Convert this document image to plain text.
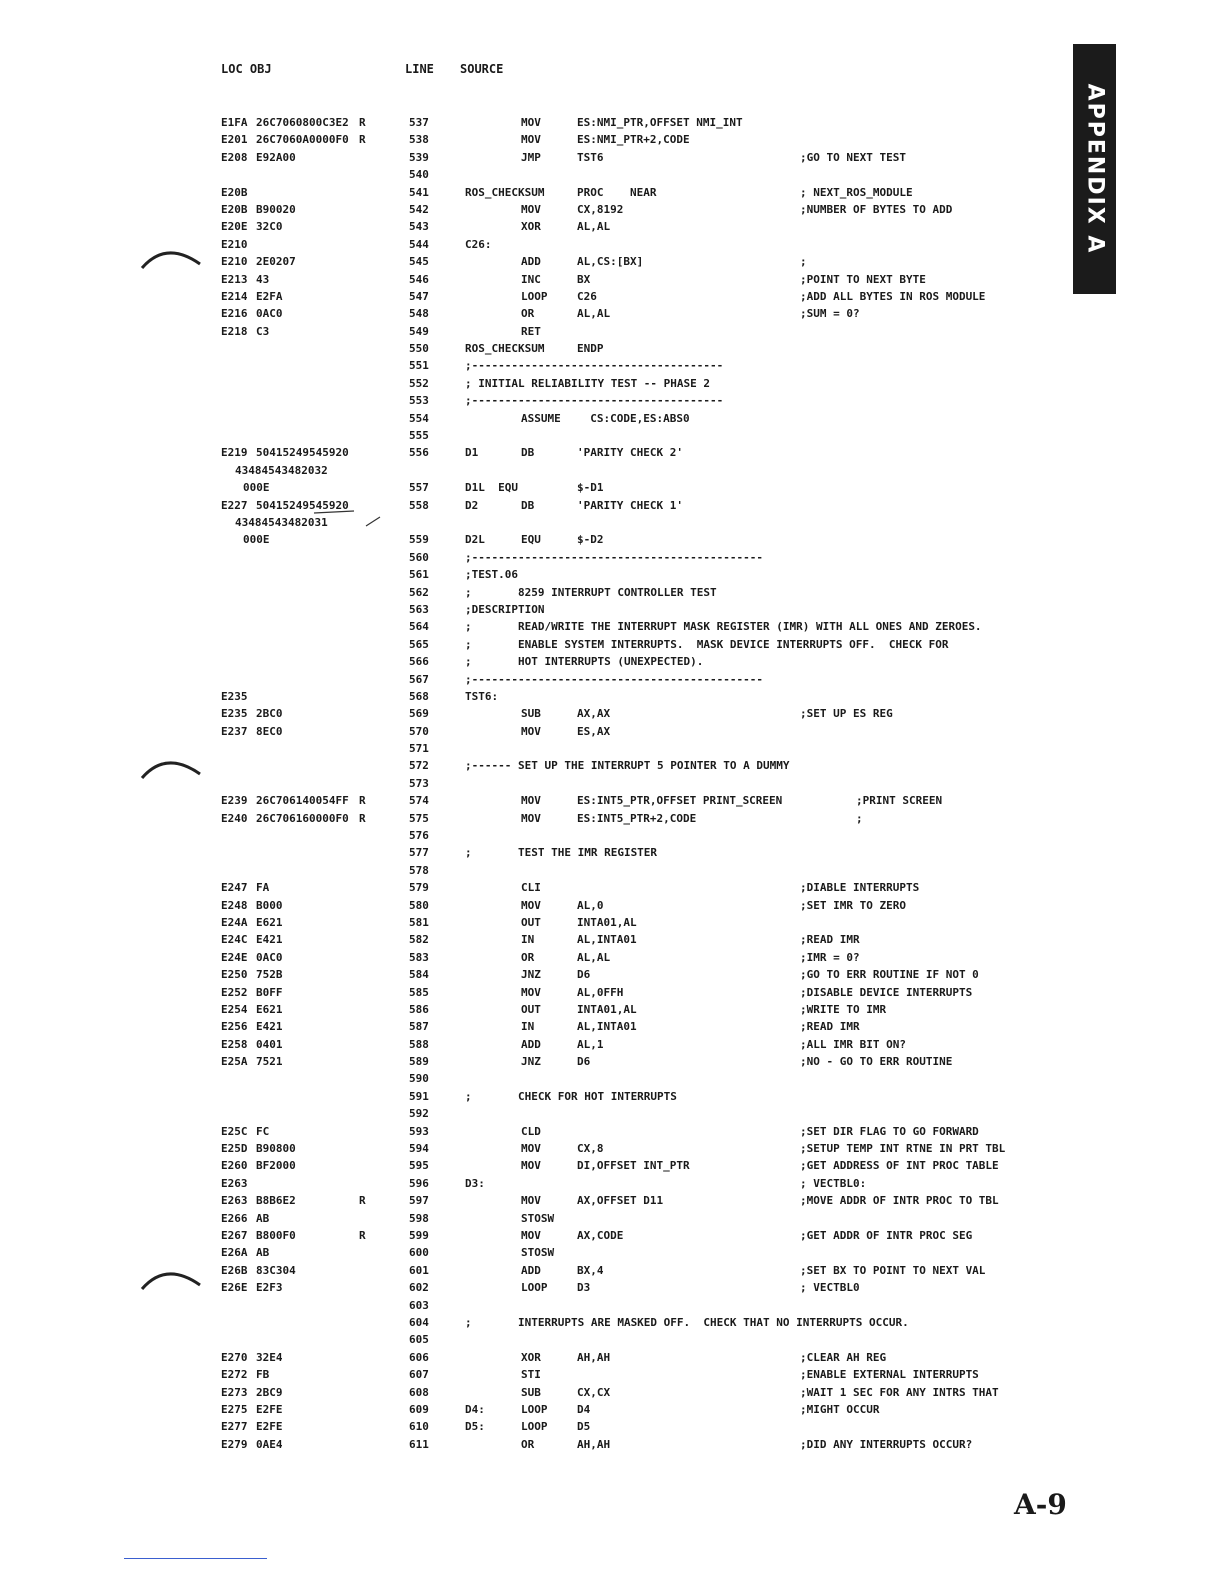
LOC OBJ	LINE SOURCE
APPENDIX A
E1FA 26C7060800C3E2 R	537	MOV	ES:NMI_PTR,OFFSET NMI_INT
E201 26C7060A0000F0 R	538	MOV	ES:NMI_PTR+2,CODE
E208 E92A00	539	JMP	TST6	;GO TO NEXT TEST
540
E20B	541	ROS_CHECKSUM	PROC    NEAR	; NEXT_ROS_MODULE
E20B B90020	542	MOV	CX,8192	;NUMBER OF BYTES TO ADD
E20E 32C0	543	XOR	AL,AL
E210	544	C26:
E210 2E0207	545	ADD	AL,CS:[BX]	;
E213 43	546	INC	BX	;POINT TO NEXT BYTE
E214 E2FA	547	LOOP	C26	;ADD ALL BYTES IN ROS MODULE
E216 0AC0	548	OR	AL,AL	;SUM = 0?
E218 C3	549	RET
550	ROS_CHECKSUM	ENDP
551	;--------------------------------------
552	; INITIAL RELIABILITY TEST -- PHASE 2
553	;--------------------------------------
554	ASSUME CS:CODE,ES:ABS0
555
E219 50415249545920	556	D1	DB	'PARITY CHECK 2'
43484543482032
000E	557	D1L  EQU	$-D1
E227 50415249545920	558	D2	DB	'PARITY CHECK 1'
43484543482031
000E	559	D2L	EQU	$-D2
560	;--------------------------------------------
561	;TEST.06
562	;       8259 INTERRUPT CONTROLLER TEST
563	;DESCRIPTION
564	;       READ/WRITE THE INTERRUPT MASK REGISTER (IMR) WITH ALL ONES AND ZEROES.
565	;       ENABLE SYSTEM INTERRUPTS.  MASK DEVICE INTERRUPTS OFF.  CHECK FOR
566	;       HOT INTERRUPTS (UNEXPECTED).
567	;--------------------------------------------
E235	568	TST6:
E235 2BC0	569	SUB	AX,AX	;SET UP ES REG
E237 8EC0	570	MOV	ES,AX
571
572	;------ SET UP THE INTERRUPT 5 POINTER TO A DUMMY
573
E239 26C706140054FF R	574	MOV	ES:INT5_PTR,OFFSET PRINT_SCREEN	;PRINT SCREEN
E240 26C706160000F0 R	575	MOV	ES:INT5_PTR+2,CODE	;
576
577	;       TEST THE IMR REGISTER
578
E247 FA	579	CLI	;DIABLE INTERRUPTS
E248 B000	580	MOV	AL,0	;SET IMR TO ZERO
E24A E621	581	OUT	INTA01,AL
E24C E421	582	IN	AL,INTA01	;READ IMR
E24E 0AC0	583	OR	AL,AL	;IMR = 0?
E250 752B	584	JNZ	D6	;GO TO ERR ROUTINE IF NOT 0
E252 B0FF	585	MOV	AL,0FFH	;DISABLE DEVICE INTERRUPTS
E254 E621	586	OUT	INTA01,AL	;WRITE TO IMR
E256 E421	587	IN	AL,INTA01	;READ IMR
E258 0401	588	ADD	AL,1	;ALL IMR BIT ON?
E25A 7521	589	JNZ	D6	;NO - GO TO ERR ROUTINE
590
591	;       CHECK FOR HOT INTERRUPTS
592
E25C FC	593	CLD	;SET DIR FLAG TO GO FORWARD
E25D B90800	594	MOV	CX,8	;SETUP TEMP INT RTNE IN PRT TBL
E260 BF2000	595	MOV	DI,OFFSET INT_PTR	;GET ADDRESS OF INT PROC TABLE
E263	596	D3:	; VECTBL0:
E263 B8B6E2	R	597	MOV	AX,OFFSET D11	;MOVE ADDR OF INTR PROC TO TBL
E266 AB	598	STOSW
E267 B800F0	R	599	MOV	AX,CODE	;GET ADDR OF INTR PROC SEG
E26A AB	600	STOSW
E26B 83C304	601	ADD	BX,4	;SET BX TO POINT TO NEXT VAL
E26E E2F3	602	LOOP	D3	; VECTBL0
603
604	;       INTERRUPTS ARE MASKED OFF.  CHECK THAT NO INTERRUPTS OCCUR.
605
E270 32E4	606	XOR	AH,AH	;CLEAR AH REG
E272 FB	607	STI	;ENABLE EXTERNAL INTERRUPTS
E273 2BC9	608	SUB	CX,CX	;WAIT 1 SEC FOR ANY INTRS THAT
E275 E2FE	609	D4:	LOOP	D4	;MIGHT OCCUR
E277 E2FE	610	D5:	LOOP	D5
E279 0AE4	611	OR	AH,AH	;DID ANY INTERRUPTS OCCUR?
A-9
